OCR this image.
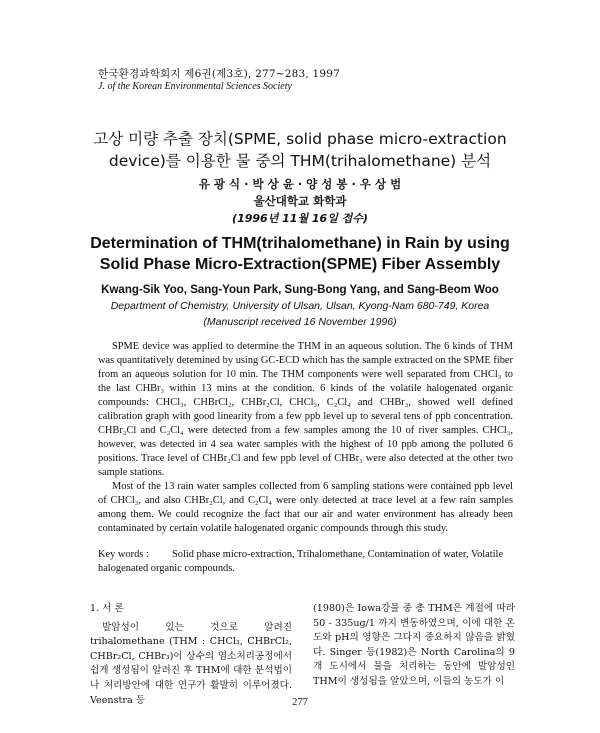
한국환경과학회지 제6권(제3호), 277∼283, 1997
J. of the Korean Environmental Sciences Society
고상 미량 추출 장치(SPME, solid phase micro-extraction
device)를 이용한 물 중의 THM(trihalomethane) 분석
유 광 식 · 박 상 윤 · 양 성 봉 · 우 상 범
울산대학교 화학과
(1996년 11월 16일 접수)
Determination of THM(trihalomethane) in Rain by using
Solid Phase Micro-Extraction(SPME) Fiber Assembly
Kwang-Sik Yoo, Sang-Youn Park, Sung-Bong Yang, and Sang-Beom Woo
Department of Chemistry, University of Ulsan, Ulsan, Kyong-Nam 680-749, Korea
(Manuscript received 16 November 1996)

SPME device was applied to determine the THM in an aqueous solution. The 6 kinds of THM was quantitatively detemined by using GC-ECD which has the sample extracted on the SPME fiber from an aqueous solution for 10 min. The THM components were well separated from CHCl₃ to the last CHBr₃ within 13 mins at the condition. 6 kinds of the volatile halogenated organic compounds: CHCl₃, CHBrCl₂, CHBr₂Cl, CHCl₃, C₂Cl₄ and CHBr₃, showed well defined calibration graph with good linearity from a few ppb level up to several tens of ppb concentration. CHBr₂Cl and C₂Cl₄ were detected from a few samples among the 10 of river samples. CHCl₃, however, was detected in 4 sea water samples with the highest of 10 ppb among the polluted 6 positions. Trace level of CHBr₂Cl and few ppb level of CHBr₃ were also detected at the other two sample stations.

Most of the 13 rain water samples collected from 6 sampling stations were contained ppb level of CHCl₃, and also CHBr₂Cl, and C₂Cl₄ were only detected at trace level at a few rain samples among them. We could recognize the fact that our air and water environment has already been contaminated by certain volatile halogenated organic compounds through this study.

Key words : Solid phase micro-extraction, Trihalomethane, Contamination of water, Volatile halogenated organic compounds.

1. 서 론

발암성이 있는 것으로 알려진 trihalomethane (THM : CHCl₃, CHBrCl₂, CHBr₂Cl, CHBr₃)이 상수의 염소처리공정에서 쉽게 생성됨이 알려진 후 THM에 대한 분석법이나 처리방안에 대한 연구가 활발히 이루어졌다. Veenstra 등

(1980)은 Iowa강물 중 총 THM은 계절에 따라 50 - 335ug/1 까지 변동하였으며, 이에 대한 온도와 pH의 영향은 그다지 중요하지 않음을 밝혔다. Singer 등(1982)은 North Carolina의 9개 도시에서 물을 처리하는 동안에 발암성인 THM이 생성됨을 알았으며, 이들의 농도가 이

277
